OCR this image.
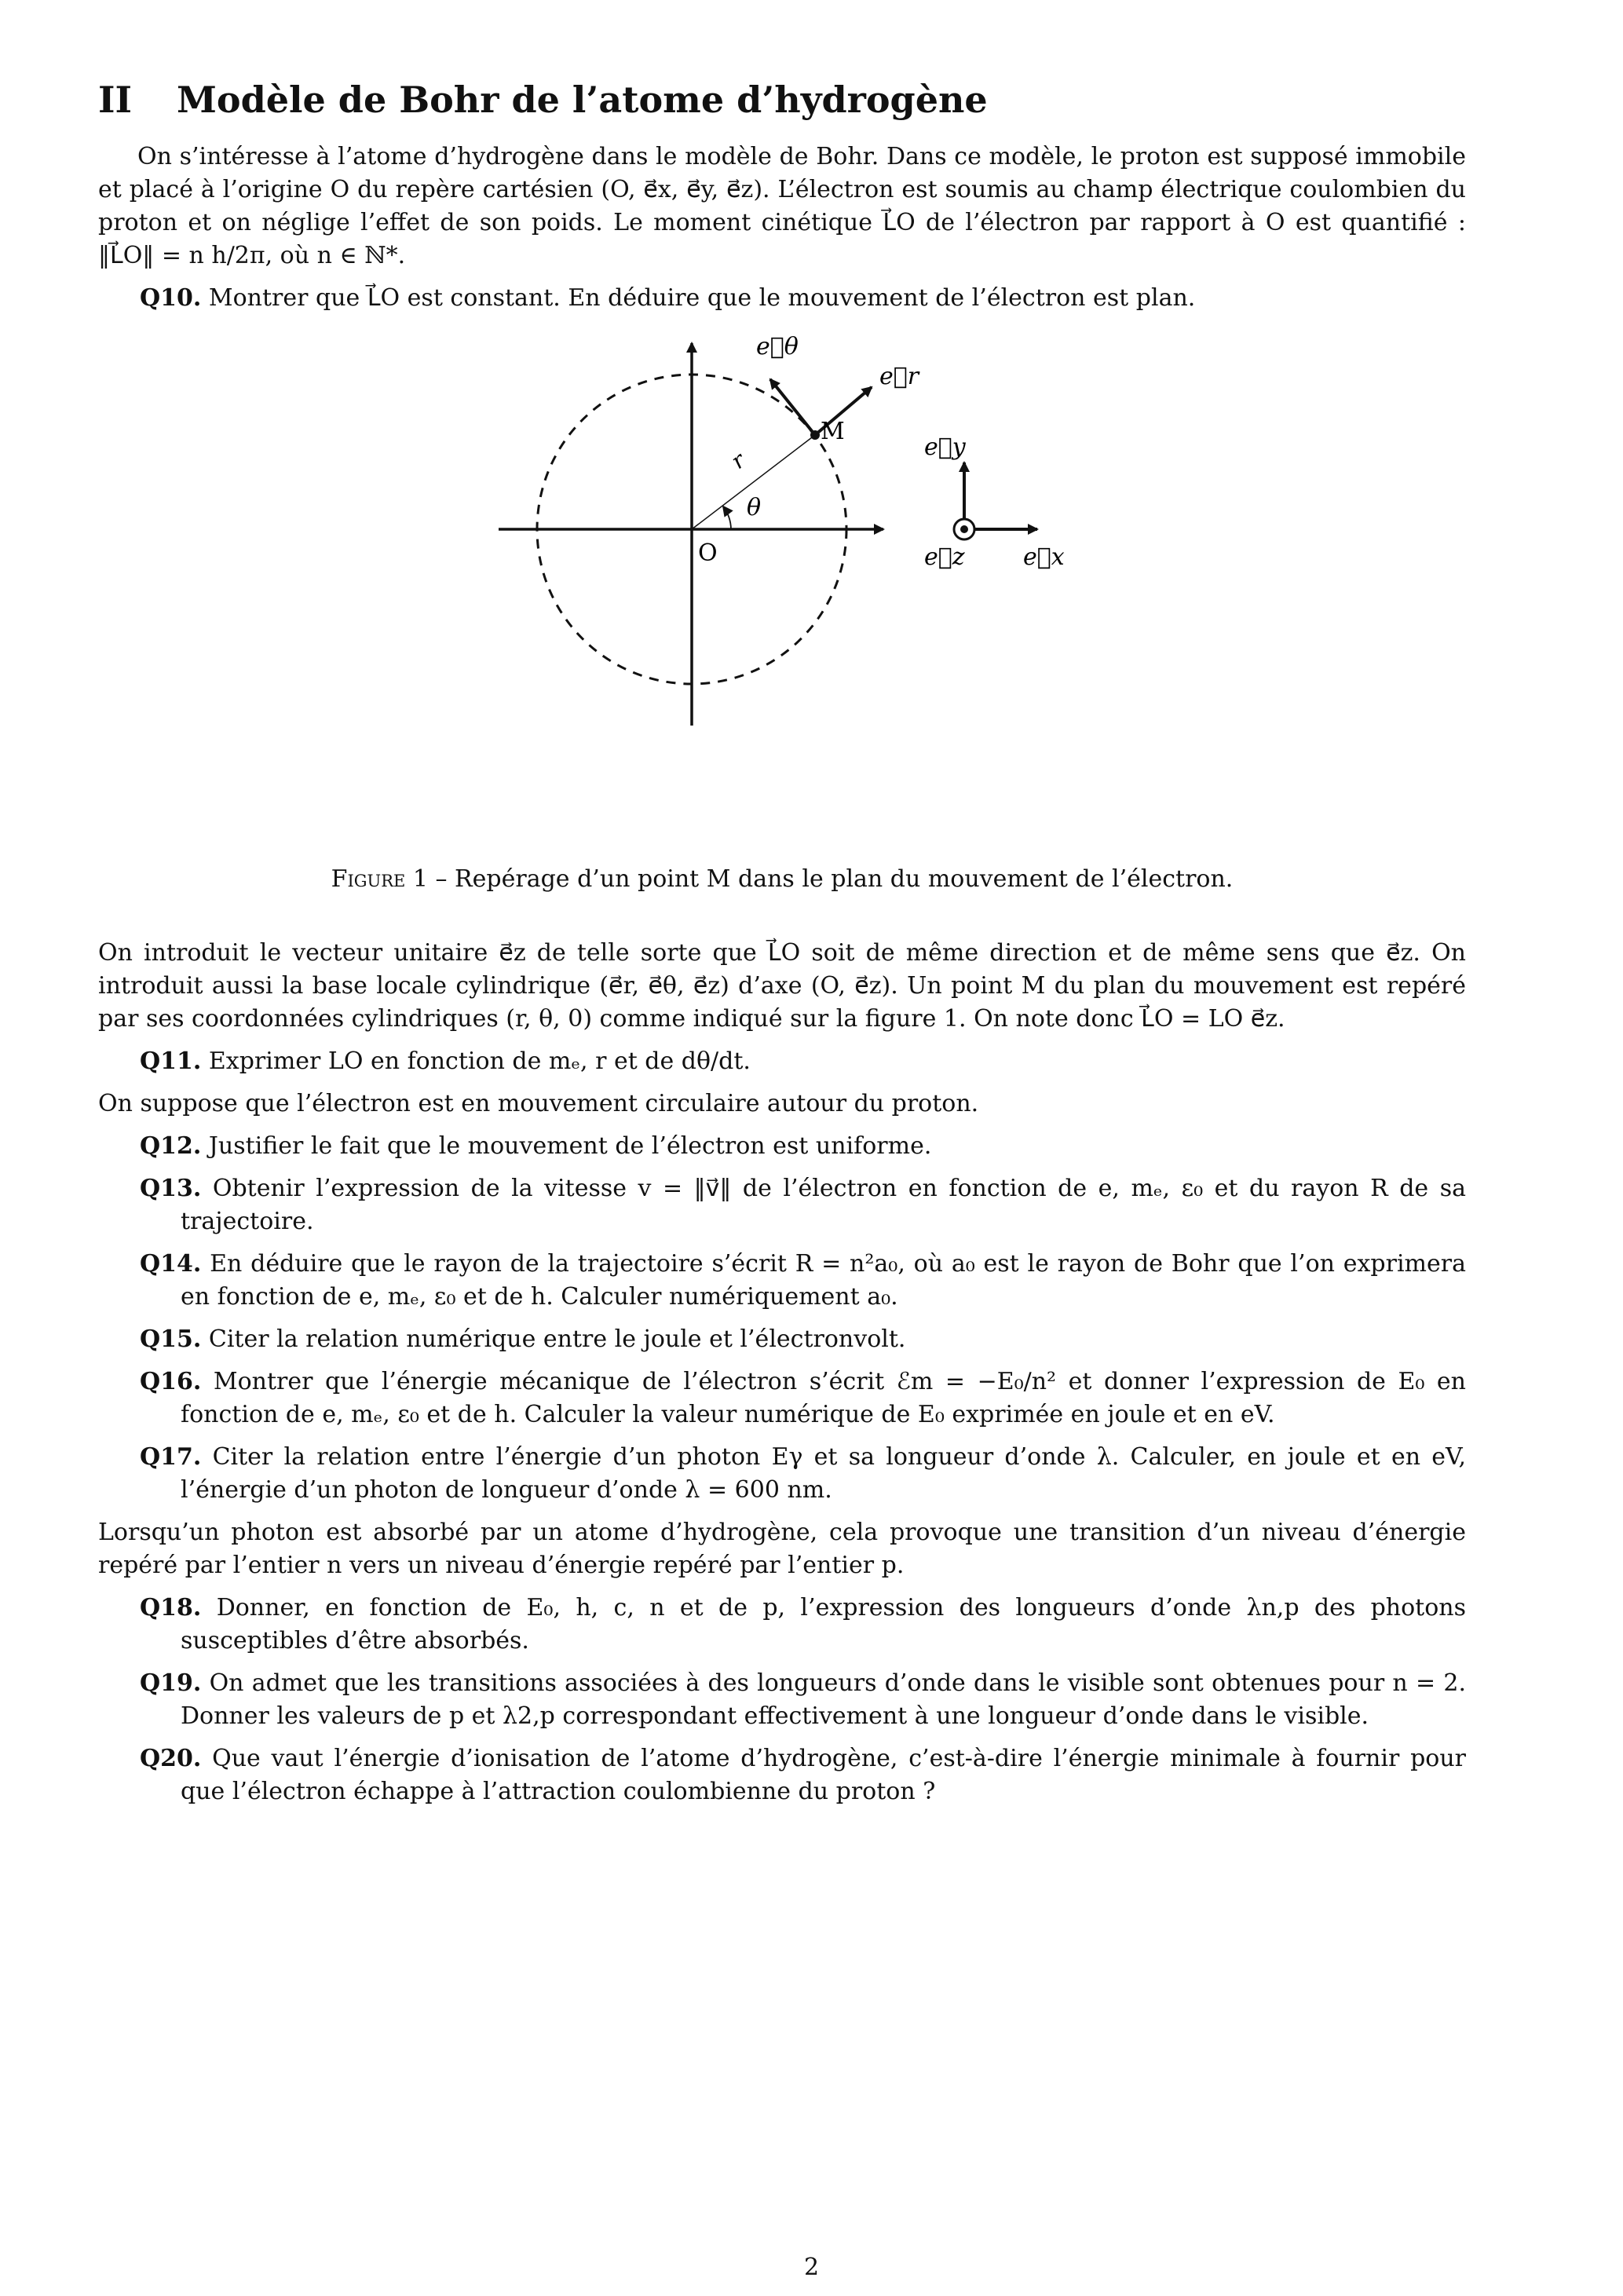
II Modèle de Bohr de l’atome d’hydrogène

On s’intéresse à l’atome d’hydrogène dans le modèle de Bohr. Dans ce modèle, le proton est supposé immobile et placé à l’origine O du repère cartésien (O, e⃗x, e⃗y, e⃗z). L’électron est soumis au champ électrique coulombien du proton et on néglige l’effet de son poids. Le moment cinétique L⃗O de l’électron par rapport à O est quantifié : ‖L⃗O‖ = n h/2π, où n ∈ ℕ*.

Q10. Montrer que L⃗O est constant. En déduire que le mouvement de l’électron est plan.
e⃗θ
e⃗r
M
r
θ
O
e⃗y
e⃗z e⃗x
Figure 1 – Repérage d’un point M dans le plan du mouvement de l’électron.

On introduit le vecteur unitaire e⃗z de telle sorte que L⃗O soit de même direction et de même sens que e⃗z. On introduit aussi la base locale cylindrique (e⃗r, e⃗θ, e⃗z) d’axe (O, e⃗z). Un point M du plan du mouvement est repéré par ses coordonnées cylindriques (r, θ, 0) comme indiqué sur la figure 1. On note donc L⃗O = LO e⃗z.

Q11. Exprimer LO en fonction de mₑ, r et de dθ/dt.

On suppose que l’électron est en mouvement circulaire autour du proton.

Q12. Justifier le fait que le mouvement de l’électron est uniforme.
Q13. Obtenir l’expression de la vitesse v = ‖v⃗‖ de l’électron en fonction de e, mₑ, ε₀ et du rayon R de sa trajectoire.
Q14. En déduire que le rayon de la trajectoire s’écrit R = n²a₀, où a₀ est le rayon de Bohr que l’on exprimera en fonction de e, mₑ, ε₀ et de h. Calculer numériquement a₀.
Q15. Citer la relation numérique entre le joule et l’électronvolt.
Q16. Montrer que l’énergie mécanique de l’électron s’écrit ℰm = −E₀/n² et donner l’expression de E₀ en fonction de e, mₑ, ε₀ et de h. Calculer la valeur numérique de E₀ exprimée en joule et en eV.
Q17. Citer la relation entre l’énergie d’un photon Eγ et sa longueur d’onde λ. Calculer, en joule et en eV, l’énergie d’un photon de longueur d’onde λ = 600 nm.

Lorsqu’un photon est absorbé par un atome d’hydrogène, cela provoque une transition d’un niveau d’énergie repéré par l’entier n vers un niveau d’énergie repéré par l’entier p.

Q18. Donner, en fonction de E₀, h, c, n et de p, l’expression des longueurs d’onde λn,p des photons susceptibles d’être absorbés.
Q19. On admet que les transitions associées à des longueurs d’onde dans le visible sont obtenues pour n = 2. Donner les valeurs de p et λ2,p correspondant effectivement à une longueur d’onde dans le visible.
Q20. Que vaut l’énergie d’ionisation de l’atome d’hydrogène, c’est-à-dire l’énergie minimale à fournir pour que l’électron échappe à l’attraction coulombienne du proton ?
2
